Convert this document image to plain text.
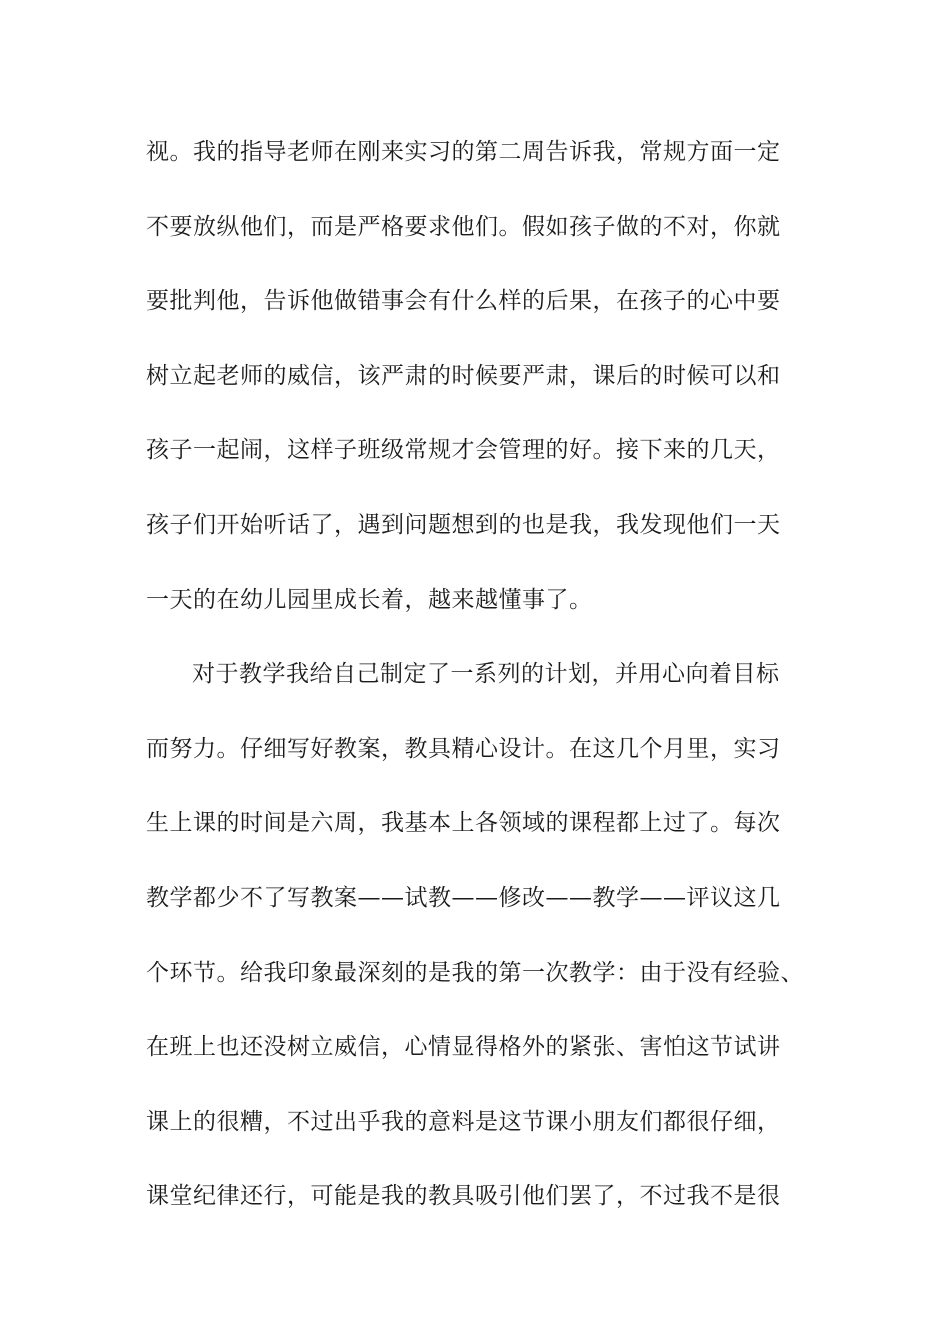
视。我的指导老师在刚来实习的第二周告诉我，常规方面一定
不要放纵他们，而是严格要求他们。假如孩子做的不对，你就
要批判他，告诉他做错事会有什么样的后果，在孩子的心中要
树立起老师的威信，该严肃的时候要严肃，课后的时候可以和
孩子一起闹，这样子班级常规才会管理的好。接下来的几天，
孩子们开始听话了，遇到问题想到的也是我，我发现他们一天
一天的在幼儿园里成长着，越来越懂事了。
对于教学我给自己制定了一系列的计划，并用心向着目标
而努力。仔细写好教案，教具精心设计。在这几个月里，实习
生上课的时间是六周，我基本上各领域的课程都上过了。每次
教学都少不了写教案——试教——修改——教学——评议这几
个环节。给我印象最深刻的是我的第一次教学：由于没有经验、
在班上也还没树立威信，心情显得格外的紧张、害怕这节试讲
课上的很糟，不过出乎我的意料是这节课小朋友们都很仔细，
课堂纪律还行，可能是我的教具吸引他们罢了，不过我不是很
